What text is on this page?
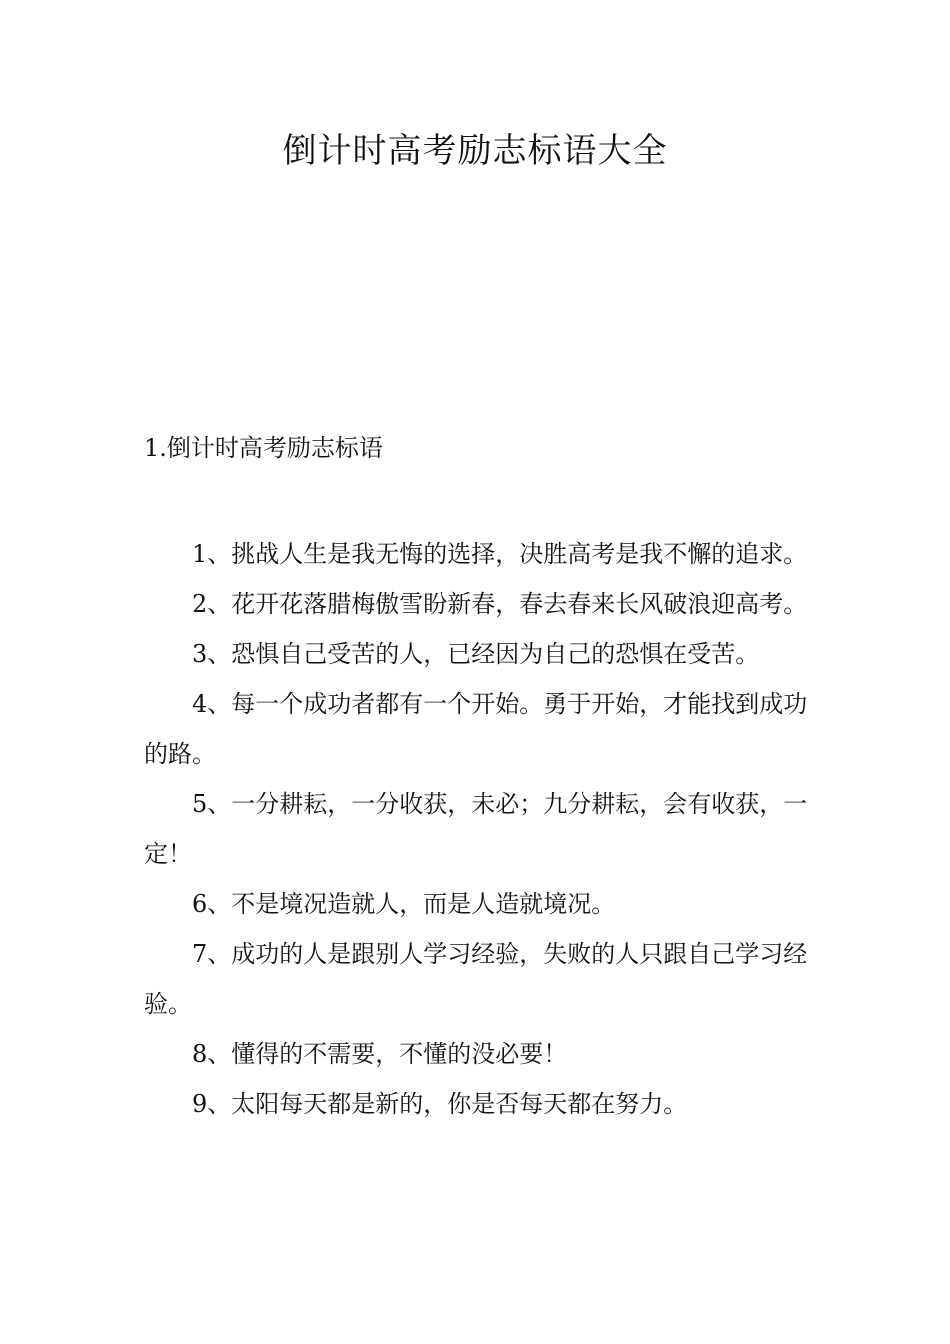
倒计时高考励志标语大全

1.倒计时高考励志标语

1、挑战人生是我无悔的选择，决胜高考是我不懈的追求。

2、花开花落腊梅傲雪盼新春，春去春来长风破浪迎高考。

3、恐惧自己受苦的人，已经因为自己的恐惧在受苦。

4、每一个成功者都有一个开始。勇于开始，才能找到成功的路。

5、一分耕耘，一分收获，未必；九分耕耘，会有收获，一定！

6、不是境况造就人，而是人造就境况。

7、成功的人是跟别人学习经验，失败的人只跟自己学习经验。

8、懂得的不需要，不懂的没必要！

9、太阳每天都是新的，你是否每天都在努力。
